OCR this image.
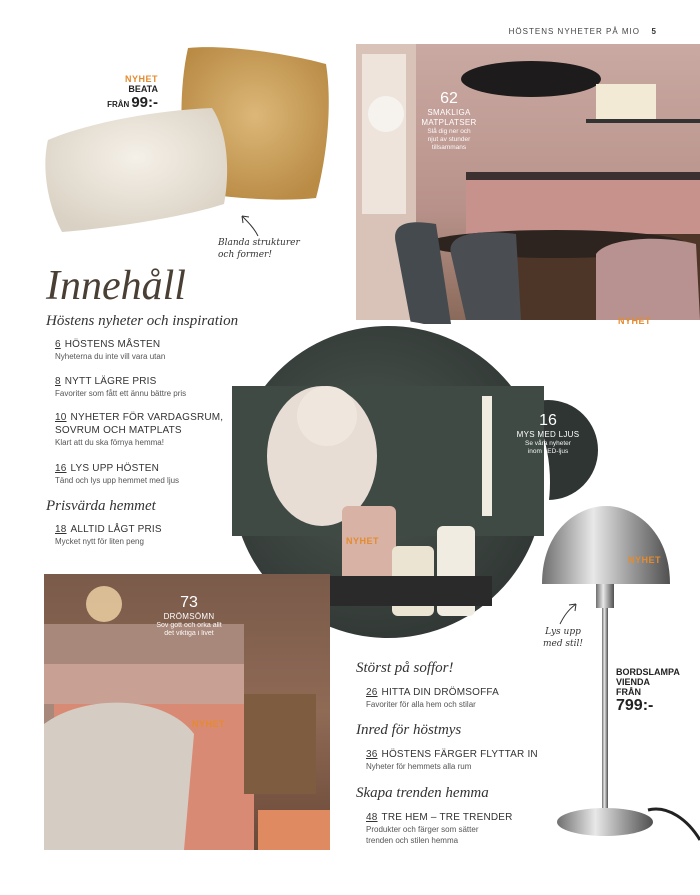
HÖSTENS NYHETER PÅ MIO 5
NYHET
BEATA
FRÅN 99:-
Blanda strukturer
och former!
Innehåll
Höstens nyheter och inspiration
6 HÖSTENS MÅSTEN
Nyheterna du inte vill vara utan
8 NYTT LÄGRE PRIS
Favoriter som fått ett ännu bättre pris
10 NYHETER FÖR VARDAGSRUM,
SOVRUM OCH MATPLATS
Klart att du ska förnya hemma!
16 LYS UPP HÖSTEN
Tänd och lys upp hemmet med ljus
Prisvärda hemmet
18 ALLTID LÅGT PRIS
Mycket nytt för liten peng
62
SMAKLIGA
MATPLATSER
Slå dig ner och
njut av stunder
tillsammans
NYHET
NYHET
16
MYS MED LJUS
Se våra nyheter
inom LED-ljus
73
DRÖMSÖMN
Sov gott och orka allt
det viktiga i livet
NYHET
NYHET
Lys upp
med stil!
BORDSLAMPA
VIENDA
FRÅN
799:-
Störst på soffor!
26 HITTA DIN DRÖMSOFFA
Favoriter för alla hem och stilar
Inred för höstmys
36 HÖSTENS FÄRGER FLYTTAR IN
Nyheter för hemmets alla rum
Skapa trenden hemma
48 TRE HEM – TRE TRENDER
Produkter och färger som sätter
trenden och stilen hemma
